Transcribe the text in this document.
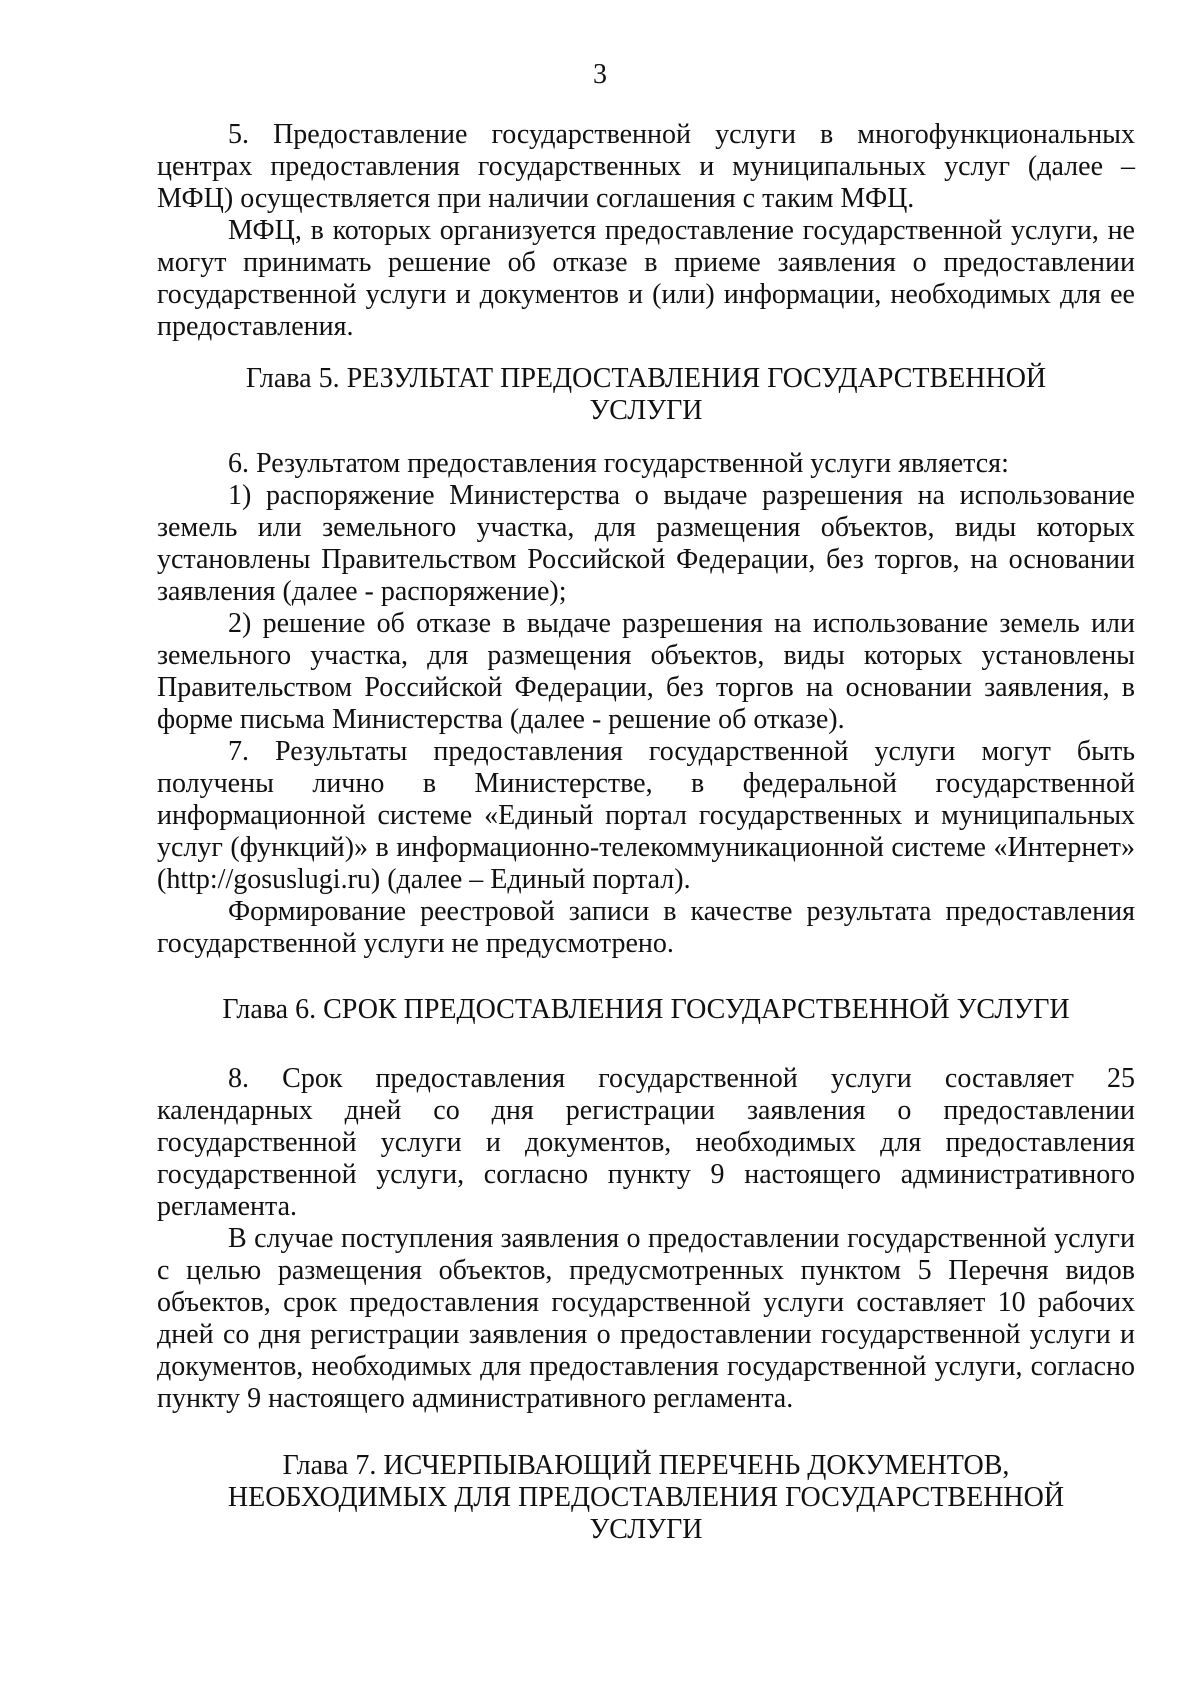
3

5. Предоставление государственной услуги в многофункциональных центрах предоставления государственных и муниципальных услуг (далее – МФЦ) осуществляется при наличии соглашения с таким МФЦ.

МФЦ, в которых организуется предоставление государственной услуги, не могут принимать решение об отказе в приеме заявления о предоставлении государственной услуги и документов и (или) информации, необходимых для ее предоставления.

Глава 5. РЕЗУЛЬТАТ ПРЕДОСТАВЛЕНИЯ ГОСУДАРСТВЕННОЙ
УСЛУГИ

6. Результатом предоставления государственной услуги является:

1) распоряжение Министерства о выдаче разрешения на использование земель или земельного участка, для размещения объектов, виды которых установлены Правительством Российской Федерации, без торгов, на основании заявления (далее - распоряжение);

2) решение об отказе в выдаче разрешения на использование земель или земельного участка, для размещения объектов, виды которых установлены Правительством Российской Федерации, без торгов на основании заявления, в форме письма Министерства (далее - решение об отказе).

7. Результаты предоставления государственной услуги могут быть получены лично в Министерстве, в федеральной государственной информационной системе «Единый портал государственных и муниципальных услуг (функций)» в информационно-телекоммуникационной системе «Интернет» (http://gosuslugi.ru) (далее – Единый портал).

Формирование реестровой записи в качестве результата предоставления государственной услуги не предусмотрено.

Глава 6. СРОК ПРЕДОСТАВЛЕНИЯ ГОСУДАРСТВЕННОЙ УСЛУГИ

8. Срок предоставления государственной услуги составляет 25 календарных дней со дня регистрации заявления о предоставлении государственной услуги и документов, необходимых для предоставления государственной услуги, согласно пункту 9 настоящего административного регламента.

В случае поступления заявления о предоставлении государственной услуги с целью размещения объектов, предусмотренных пунктом 5 Перечня видов объектов, срок предоставления государственной услуги составляет 10 рабочих дней со дня регистрации заявления о предоставлении государственной услуги и документов, необходимых для предоставления государственной услуги, согласно пункту 9 настоящего административного регламента.

Глава 7. ИСЧЕРПЫВАЮЩИЙ ПЕРЕЧЕНЬ ДОКУМЕНТОВ,
НЕОБХОДИМЫХ ДЛЯ ПРЕДОСТАВЛЕНИЯ ГОСУДАРСТВЕННОЙ
УСЛУГИ
